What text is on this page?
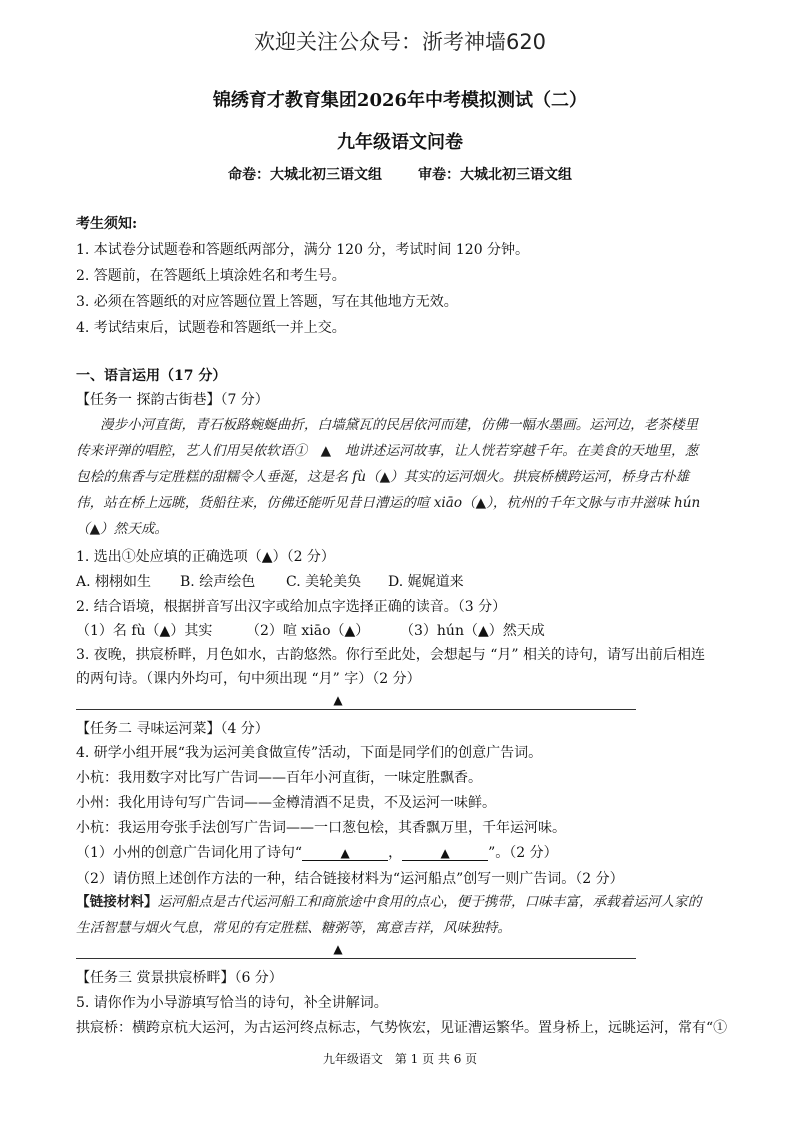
欢迎关注公众号：浙考神墙620
锦绣育才教育集团2026年中考模拟测试（二）
九年级语文问卷
命卷：大城北初三语文组	审卷：大城北初三语文组
考生须知:
1. 本试卷分试题卷和答题纸两部分，满分 120 分，考试时间 120 分钟。
2. 答题前，在答题纸上填涂姓名和考生号。
3. 必须在答题纸的对应答题位置上答题，写在其他地方无效。
4. 考试结束后，试题卷和答题纸一并上交。
一、语言运用（17 分）
【任务一 探韵古街巷】（7 分）
漫步小河直街，青石板路蜿蜒曲折，白墙黛瓦的民居依河而建，仿佛一幅水墨画。运河边，老茶楼里
传来评弹的唱腔，艺人们用吴侬软语①　▲　地讲述运河故事，让人恍若穿越千年。在美食的天地里，葱
包桧的焦香与定胜糕的甜糯令人垂涎，这是名 fù（▲）其实的运河烟火。拱宸桥横跨运河，桥身古朴雄
伟，站在桥上远眺，货船往来，仿佛还能听见昔日漕运的喧 xiāo（▲），杭州的千年文脉与市井滋味 hún
（▲）然天成。
1. 选出①处应填的正确选项（▲）（2 分）
A. 栩栩如生 B. 绘声绘色 C. 美轮美奂 D. 娓娓道来
2. 结合语境，根据拼音写出汉字或给加点字选择正确的读音。（3 分）
（1）名 fù（▲）其实 （2）喧 xiāo（▲） （3）hún（▲）然天成
3. 夜晚，拱宸桥畔，月色如水，古韵悠然。你行至此处，会想起与 “月” 相关的诗句，请写出前后相连
的两句诗。（课内外均可，句中须出现 “月” 字）（2 分）
▲
【任务二 寻味运河菜】（4 分）
4. 研学小组开展“我为运河美食做宣传”活动，下面是同学们的创意广告词。
小杭：我用数字对比写广告词——百年小河直街，一味定胜飘香。
小州：我化用诗句写广告词——金樽清酒不足贵，不及运河一味鲜。
小杭：我运用夸张手法创写广告词——一口葱包桧，其香飘万里，千年运河味。
（1）小州的创意广告词化用了诗句“	▲	，	▲	”。（2 分）
（2）请仿照上述创作方法的一种，结合链接材料为“运河船点”创写一则广告词。（2 分）
【链接材料】运河船点是古代运河船工和商旅途中食用的点心，便于携带，口味丰富，承载着运河人家的
生活智慧与烟火气息，常见的有定胜糕、糖粥等，寓意吉祥，风味独特。
▲
【任务三 赏景拱宸桥畔】（6 分）
5. 请你作为小导游填写恰当的诗句，补全讲解词。
拱宸桥：横跨京杭大运河，为古运河终点标志，气势恢宏，见证漕运繁华。置身桥上，远眺运河，常有“①
九年级语文　第 1 页 共 6 页
